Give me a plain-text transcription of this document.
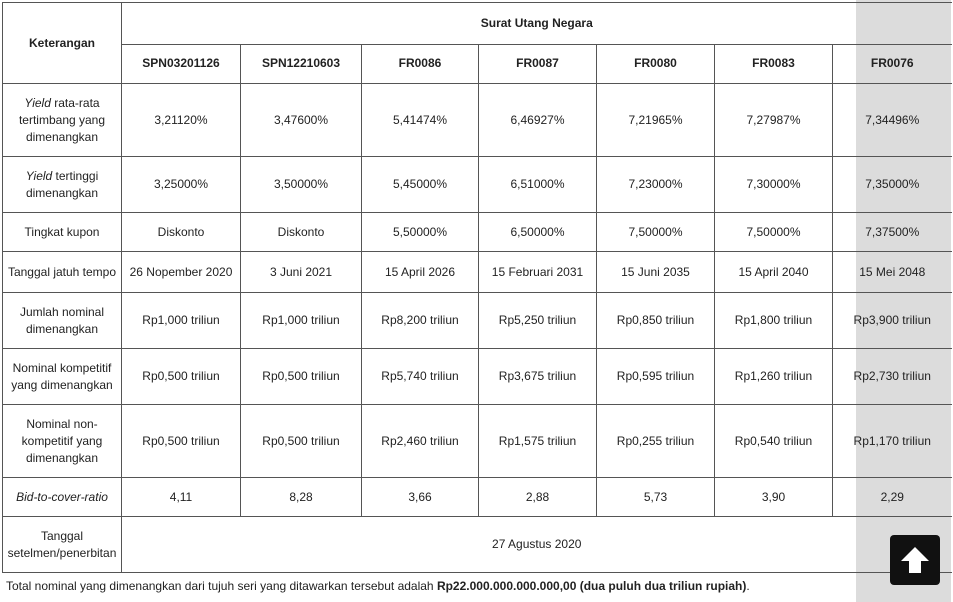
Keterangan	Surat Utang Negara						
	SPN03201126	SPN12210603	FR0086	FR0087	FR0080	FR0083	FR0076
Yield rata-rata tertimbang yang dimenangkan	3,21120%	3,47600%	5,41474%	6,46927%	7,21965%	7,27987%	7,34496%
Yield tertinggi dimenangkan	3,25000%	3,50000%	5,45000%	6,51000%	7,23000%	7,30000%	7,35000%
Tingkat kupon	Diskonto	Diskonto	5,50000%	6,50000%	7,50000%	7,50000%	7,37500%
Tanggal jatuh tempo	26 Nopember 2020	3 Juni 2021	15 April 2026	15 Februari 2031	15 Juni 2035	15 April 2040	15 Mei 2048
Jumlah nominal dimenangkan	Rp1,000 triliun	Rp1,000 triliun	Rp8,200 triliun	Rp5,250 triliun	Rp0,850 triliun	Rp1,800 triliun	Rp3,900 triliun
Nominal kompetitif yang dimenangkan	Rp0,500 triliun	Rp0,500 triliun	Rp5,740 triliun	Rp3,675 triliun	Rp0,595 triliun	Rp1,260 triliun	Rp2,730 triliun
Nominal non-kompetitif yang dimenangkan	Rp0,500 triliun	Rp0,500 triliun	Rp2,460 triliun	Rp1,575 triliun	Rp0,255 triliun	Rp0,540 triliun	Rp1,170 triliun
Bid-to-cover-ratio	4,11	8,28	3,66	2,88	5,73	3,90	2,29
Tanggal setelmen/penerbitan	27 Agustus 2020						
Total nominal yang dimenangkan dari tujuh seri yang ditawarkan tersebut adalah Rp22.000.000.000.000,00 (dua puluh dua triliun rupiah).
